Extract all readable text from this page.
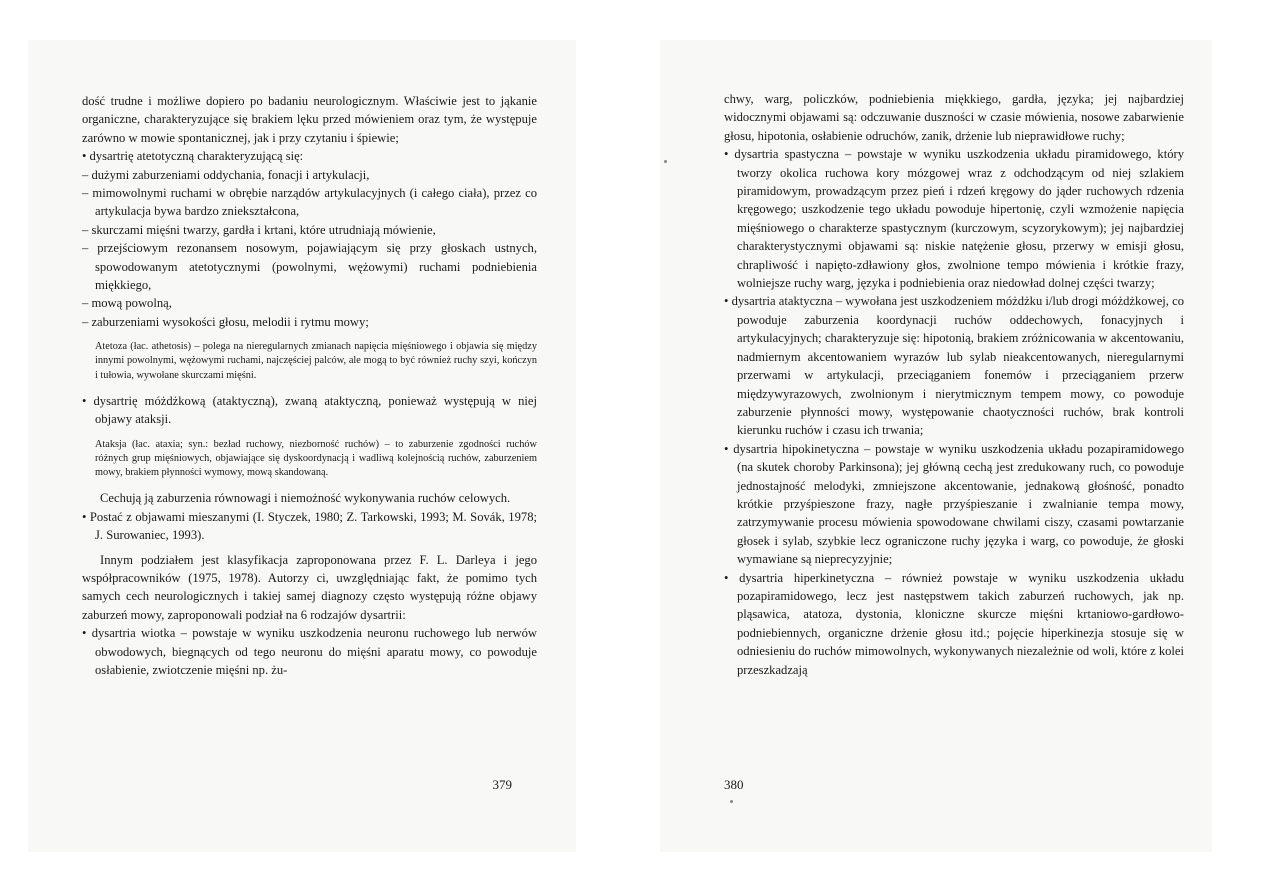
dość trudne i możliwe dopiero po badaniu neurologicznym. Właściwie jest to jąkanie organiczne, charakteryzujące się brakiem lęku przed mówieniem oraz tym, że występuje zarówno w mowie spontanicznej, jak i przy czytaniu i śpiewie;

• dysartrię atetotyczną charakteryzującą się:

– dużymi zaburzeniami oddychania, fonacji i artykulacji,

– mimowolnymi ruchami w obrębie narządów artykulacyjnych (i całego ciała), przez co artykulacja bywa bardzo zniekształcona,

– skurczami mięśni twarzy, gardła i krtani, które utrudniają mówienie,

– przejściowym rezonansem nosowym, pojawiającym się przy głoskach ustnych, spowodowanym atetotycznymi (powolnymi, wężowymi) ruchami podniebienia miękkiego,

– mową powolną,

– zaburzeniami wysokości głosu, melodii i rytmu mowy;

Atetoza (łac. athetosis) – polega na nieregularnych zmianach napięcia mięśniowego i objawia się między innymi powolnymi, wężowymi ruchami, najczęściej palców, ale mogą to być również ruchy szyi, kończyn i tułowia, wywołane skurczami mięśni.

• dysartrię móżdżkową (ataktyczną), zwaną ataktyczną, ponieważ występują w niej objawy ataksji.

Ataksja (łac. ataxia; syn.: bezład ruchowy, niezborność ruchów) – to zaburzenie zgodności ruchów różnych grup mięśniowych, objawiające się dyskoordynacją i wadliwą kolejnością ruchów, zaburzeniem mowy, brakiem płynności wymowy, mową skandowaną.

Cechują ją zaburzenia równowagi i niemożność wykonywania ruchów celowych.

• Postać z objawami mieszanymi (I. Styczek, 1980; Z. Tarkowski, 1993; M. Sovák, 1978; J. Surowaniec, 1993).

Innym podziałem jest klasyfikacja zaproponowana przez F. L. Darleya i jego współpracowników (1975, 1978). Autorzy ci, uwzględniając fakt, że pomimo tych samych cech neurologicznych i takiej samej diagnozy często występują różne objawy zaburzeń mowy, zaproponowali podział na 6 rodzajów dysartrii:

• dysartria wiotka – powstaje w wyniku uszkodzenia neuronu ruchowego lub nerwów obwodowych, biegnących od tego neuronu do mięśni aparatu mowy, co powoduje osłabienie, zwiotczenie mięśni np. żu-

379

chwy, warg, policzków, podniebienia miękkiego, gardła, języka; jej najbardziej widocznymi objawami są: odczuwanie duszności w czasie mówienia, nosowe zabarwienie głosu, hipotonia, osłabienie odruchów, zanik, drżenie lub nieprawidłowe ruchy;

• dysartria spastyczna – powstaje w wyniku uszkodzenia układu piramidowego, który tworzy okolica ruchowa kory mózgowej wraz z odchodzącym od niej szlakiem piramidowym, prowadzącym przez pień i rdzeń kręgowy do jąder ruchowych rdzenia kręgowego; uszkodzenie tego układu powoduje hipertonię, czyli wzmożenie napięcia mięśniowego o charakterze spastycznym (kurczowym, scyzorykowym); jej najbardziej charakterystycznymi objawami są: niskie natężenie głosu, przerwy w emisji głosu, chrapliwość i napięto-zdławiony głos, zwolnione tempo mówienia i krótkie frazy, wolniejsze ruchy warg, języka i podniebienia oraz niedowład dolnej części twarzy;

• dysartria ataktyczna – wywołana jest uszkodzeniem móżdżku i/lub drogi móżdżkowej, co powoduje zaburzenia koordynacji ruchów oddechowych, fonacyjnych i artykulacyjnych; charakteryzuje się: hipotonią, brakiem zróżnicowania w akcentowaniu, nadmiernym akcentowaniem wyrazów lub sylab nieakcentowanych, nieregularnymi przerwami w artykulacji, przeciąganiem fonemów i przeciąganiem przerw międzywyrazowych, zwolnionym i nierytmicznym tempem mowy, co powoduje zaburzenie płynności mowy, występowanie chaotyczności ruchów, brak kontroli kierunku ruchów i czasu ich trwania;

• dysartria hipokinetyczna – powstaje w wyniku uszkodzenia układu pozapiramidowego (na skutek choroby Parkinsona); jej główną cechą jest zredukowany ruch, co powoduje jednostajność melodyki, zmniejszone akcentowanie, jednakową głośność, ponadto krótkie przyśpieszone frazy, nagłe przyśpieszanie i zwalnianie tempa mowy, zatrzymywanie procesu mówienia spowodowane chwilami ciszy, czasami powtarzanie głosek i sylab, szybkie lecz ograniczone ruchy języka i warg, co powoduje, że głoski wymawiane są nieprecyzyjnie;

• dysartria hiperkinetyczna – również powstaje w wyniku uszkodzenia układu pozapiramidowego, lecz jest następstwem takich zaburzeń ruchowych, jak np. pląsawica, atatoza, dystonia, kloniczne skurcze mięśni krtaniowo-gardłowo-podniebiennych, organiczne drżenie głosu itd.; pojęcie hiperkinezja stosuje się w odniesieniu do ruchów mimowolnych, wykonywanych niezależnie od woli, które z kolei przeszkadzają

380
